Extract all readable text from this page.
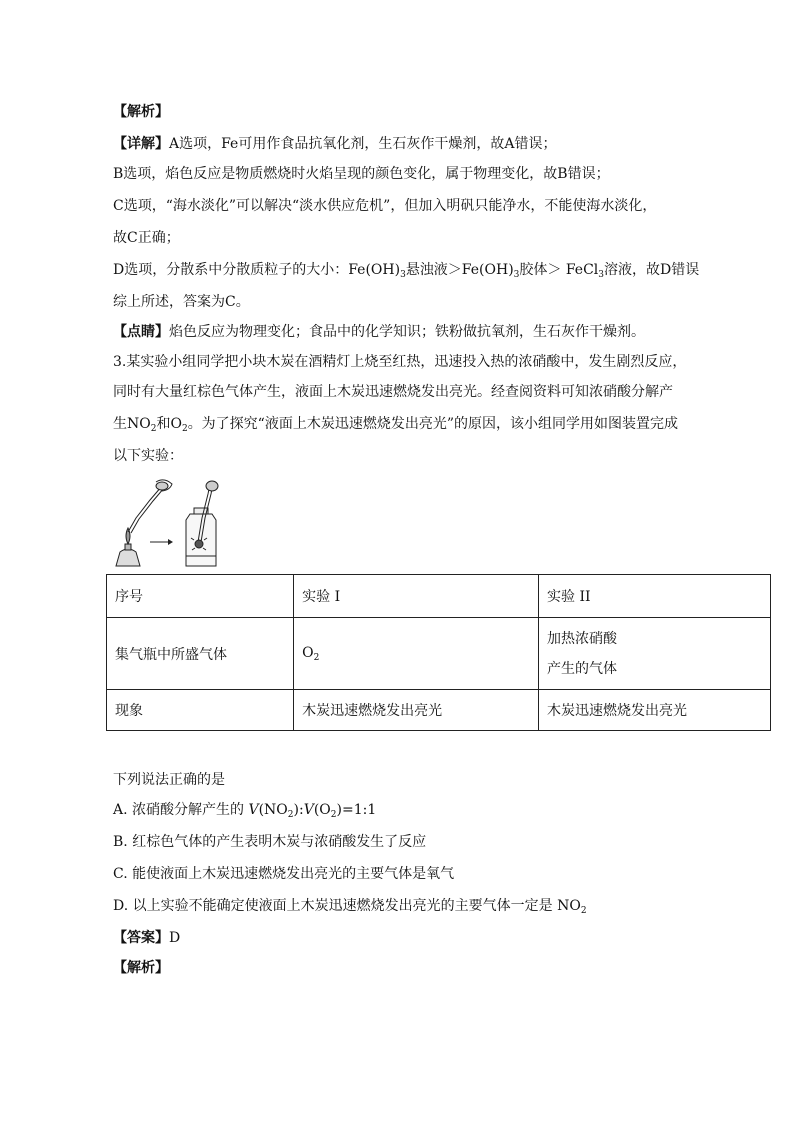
【解析】
【详解】A选项，Fe可用作食品抗氧化剂，生石灰作干燥剂，故A错误；
B选项，焰色反应是物质燃烧时火焰呈现的颜色变化，属于物理变化，故B错误；
C选项，“海水淡化”可以解决“淡水供应危机”，但加入明矾只能净水，不能使海水淡化，
故C正确；
D选项，分散系中分散质粒子的大小：$Fe(OH)_3$悬浊液$>Fe(OH)_3$胶体＞ FeCl$_3$溶液，故D错误
综上所述，答案为C。
【点睛】焰色反应为物理变化；食品中的化学知识；铁粉做抗氧剂，生石灰作干燥剂。
3.某实验小组同学把小块木炭在酒精灯上烧至红热，迅速投入热的浓硝酸中，发生剧烈反应，
同时有大量红棕色气体产生，液面上木炭迅速燃烧发出亮光。经查阅资料可知浓硝酸分解产
生$NO_2$和$O_2$。为了探究“液面上木炭迅速燃烧发出亮光”的原因，该小组同学用如图装置完成
以下实验：
序号	实验 I	实验 II
集气瓶中所盛气体	$O_2$	加热浓硝酸
产生的气体

现象	木炭迅速燃烧发出亮光	木炭迅速燃烧发出亮光
下列说法正确的是
A. 浓硝酸分解产生的 $V(NO_2):V(O_2)=1:1$
B. 红棕色气体的产生表明木炭与浓硝酸发生了反应
C. 能使液面上木炭迅速燃烧发出亮光的主要气体是氧气
D. 以上实验不能确定使液面上木炭迅速燃烧发出亮光的主要气体一定是 $NO_2$
【答案】D
【解析】
